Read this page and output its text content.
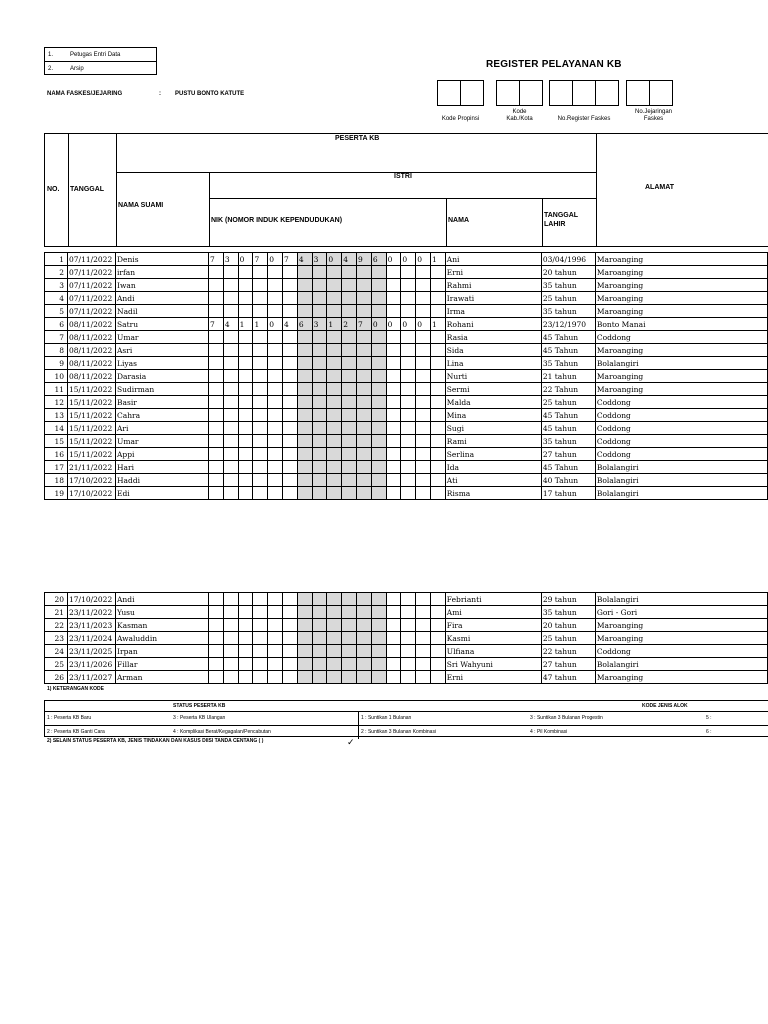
1.	Petugas Entri Data
2.	Arsip	REGISTER PELAYANAN KB
NAMA FASKES/JEJARING	: PUSTU BONTO KATUTE
Kode Propinsi
Kode
Kab./Kota	No.Register Faskes
No.Jejaringan
Faskes
NO. TANGGAL
PESERTA KB
NAMA SUAMI
ISTRI
NIK (NOMOR INDUK KEPENDUDUKAN)	NAMA
TANGGAL
LAHIR
ALAMAT
1	07/11/2022	Denis	7	3	0	7	0	7	4	3	0	4	9	6	0	0	0	1	Ani	03/04/1996	Maroanging
2	07/11/2022	irfan																	Erni	20 tahun	Maroanging
3	07/11/2022	Iwan																	Rahmi	35 tahun	Maroanging
4	07/11/2022	Andi																	Irawati	25 tahun	Maroanging
5	07/11/2022	Nadil																	Irma	35 tahun	Maroanging
6	08/11/2022	Satru	7	4	1	1	0	4	6	3	1	2	7	0	0	0	0	1	Rohani	23/12/1970	Bonto Manai
7	08/11/2022	Umar																	Rasia	45 Tahun	Coddong
8	08/11/2022	Asri																	Sida	45 Tahun	Maroanging
9	08/11/2022	Liyas																	Lina	35 Tahun	Bolalangiri
10	08/11/2022	Darasia																	Nurti	21 tahun	Maroanging
11	15/11/2022	Sudirman																	Sermi	22 Tahun	Maroanging
12	15/11/2022	Basir																	Malda	25 tahun	Coddong
13	15/11/2022	Cahra																	Mina	45 Tahun	Coddong
14	15/11/2022	Ari																	Sugi	45 tahun	Coddong
15	15/11/2022	Umar																	Rami	35 tahun	Coddong
16	15/11/2022	Appi																	Serlina	27 tahun	Coddong
17	21/11/2022	Hari																	Ida	45 Tahun	Bolalangiri
18	17/10/2022	Haddi																	Ati	40 Tahun	Bolalangiri
19	17/10/2022	Edi																	Risma	17 tahun	Bolalangiri
20	17/10/2022	Andi																	Febrianti	29 tahun	Bolalangiri
21	23/11/2022	Yusu																	Ami	35 tahun	Gori - Gori
22	23/11/2023	Kasman																	Fira	20 tahun	Maroanging
23	23/11/2024	Awaluddin																	Kasmi	25 tahun	Maroanging
24	23/11/2025	Irpan																	Ulfiana	22 tahun	Coddong
25	23/11/2026	Fillar																	Sri Wahyuni	27 tahun	Bolalangiri
26	23/11/2027	Arman																	Erni	47 tahun	Maroanging
1) KETERANGAN KODE
STATUS PESERTA KB	KODE JENIS ALOK
1 : Peserta KB Baru	3 : Peserta KB Ulangan	1 : Suntikan 1 Bulanan	3 : Suntikan 3 Bulanan Progestin	5 :
2 : Peserta KB Ganti Cara	4 : Komplikasi Berat/Kegagalan/Pencabutan	2 : Suntikan 3 Bulanan Kombinasi	4 : Pil Kombinasi	6 :
2) SELAIN STATUS PESERTA KB, JENIS TINDAKAN DAN KASUS DIISI TANDA CENTANG ( )	✓
